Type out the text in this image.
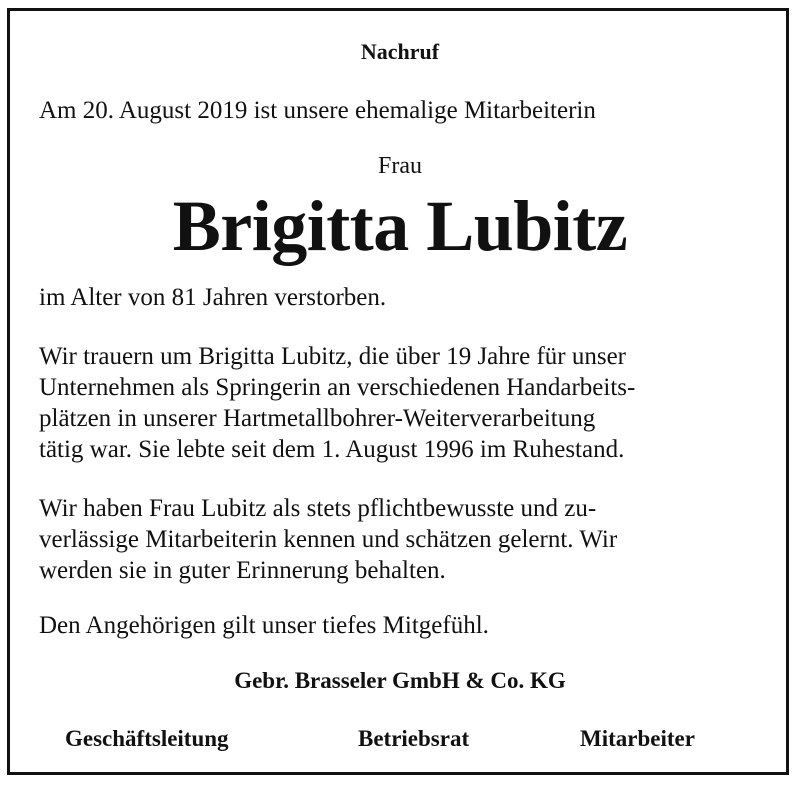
Nachruf

Am 20. August 2019 ist unsere ehemalige Mitarbeiterin

Frau

Brigitta Lubitz

im Alter von 81 Jahren verstorben.

Wir trauern um Brigitta Lubitz, die über 19 Jahre für unser
Unternehmen als Springerin an verschiedenen Handarbeits-
plätzen in unserer Hartmetallbohrer-Weiterverarbeitung
tätig war. Sie lebte seit dem 1. August 1996 im Ruhestand.

Wir haben Frau Lubitz als stets pflichtbewusste und zu-
verlässige Mitarbeiterin kennen und schätzen gelernt. Wir
werden sie in guter Erinnerung behalten.

Den Angehörigen gilt unser tiefes Mitgefühl.

Gebr. Brasseler GmbH & Co. KG

Geschäftsleitung	Betriebsrat	Mitarbeiter
